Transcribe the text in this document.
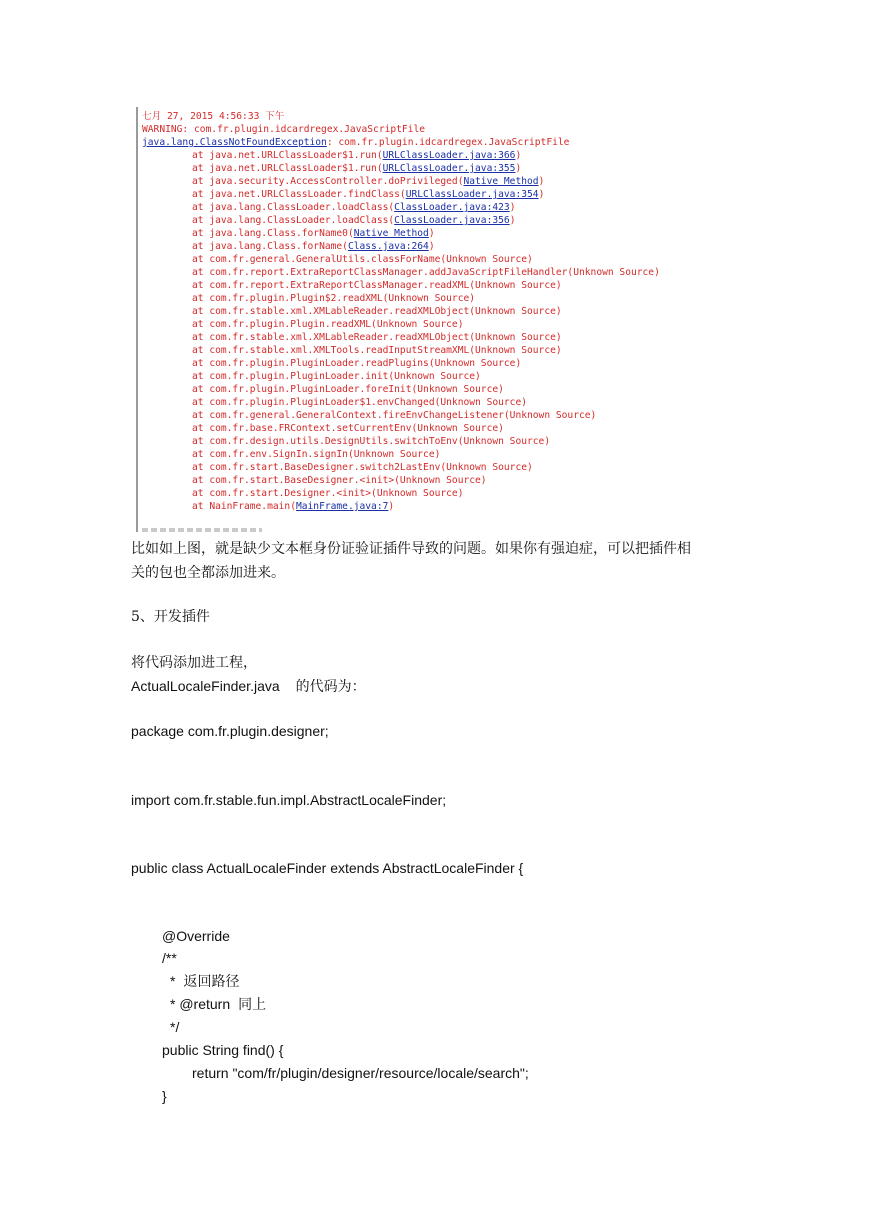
七月 27, 2015 4:56:33 下午
WARNING: com.fr.plugin.idcardregex.JavaScriptFile
java.lang.ClassNotFoundException: com.fr.plugin.idcardregex.JavaScriptFile
at java.net.URLClassLoader$1.run(URLClassLoader.java:366)
at java.net.URLClassLoader$1.run(URLClassLoader.java:355)
at java.security.AccessController.doPrivileged(Native Method)
at java.net.URLClassLoader.findClass(URLClassLoader.java:354)
at java.lang.ClassLoader.loadClass(ClassLoader.java:423)
at java.lang.ClassLoader.loadClass(ClassLoader.java:356)
at java.lang.Class.forName0(Native Method)
at java.lang.Class.forName(Class.java:264)
at com.fr.general.GeneralUtils.classForName(Unknown Source)
at com.fr.report.ExtraReportClassManager.addJavaScriptFileHandler(Unknown Source)
at com.fr.report.ExtraReportClassManager.readXML(Unknown Source)
at com.fr.plugin.Plugin$2.readXML(Unknown Source)
at com.fr.stable.xml.XMLableReader.readXMLObject(Unknown Source)
at com.fr.plugin.Plugin.readXML(Unknown Source)
at com.fr.stable.xml.XMLableReader.readXMLObject(Unknown Source)
at com.fr.stable.xml.XMLTools.readInputStreamXML(Unknown Source)
at com.fr.plugin.PluginLoader.readPlugins(Unknown Source)
at com.fr.plugin.PluginLoader.init(Unknown Source)
at com.fr.plugin.PluginLoader.foreInit(Unknown Source)
at com.fr.plugin.PluginLoader$1.envChanged(Unknown Source)
at com.fr.general.GeneralContext.fireEnvChangeListener(Unknown Source)
at com.fr.base.FRContext.setCurrentEnv(Unknown Source)
at com.fr.design.utils.DesignUtils.switchToEnv(Unknown Source)
at com.fr.env.SignIn.signIn(Unknown Source)
at com.fr.start.BaseDesigner.switch2LastEnv(Unknown Source)
at com.fr.start.BaseDesigner.<init>(Unknown Source)
at com.fr.start.Designer.<init>(Unknown Source)
at NainFrame.main(MainFrame.java:7)
比如如上图，就是缺少文本框身份证验证插件导致的问题。如果你有强迫症，可以把插件相
关的包也全都添加进来。
5、开发插件
将代码添加进工程，
ActualLocaleFinder.java 的代码为：
package com.fr.plugin.designer;
import com.fr.stable.fun.impl.AbstractLocaleFinder;
public class ActualLocaleFinder extends AbstractLocaleFinder {
@Override
/**
* 返回路径
* @return 同上
*/
public String find() {
return "com/fr/plugin/designer/resource/locale/search";
}
